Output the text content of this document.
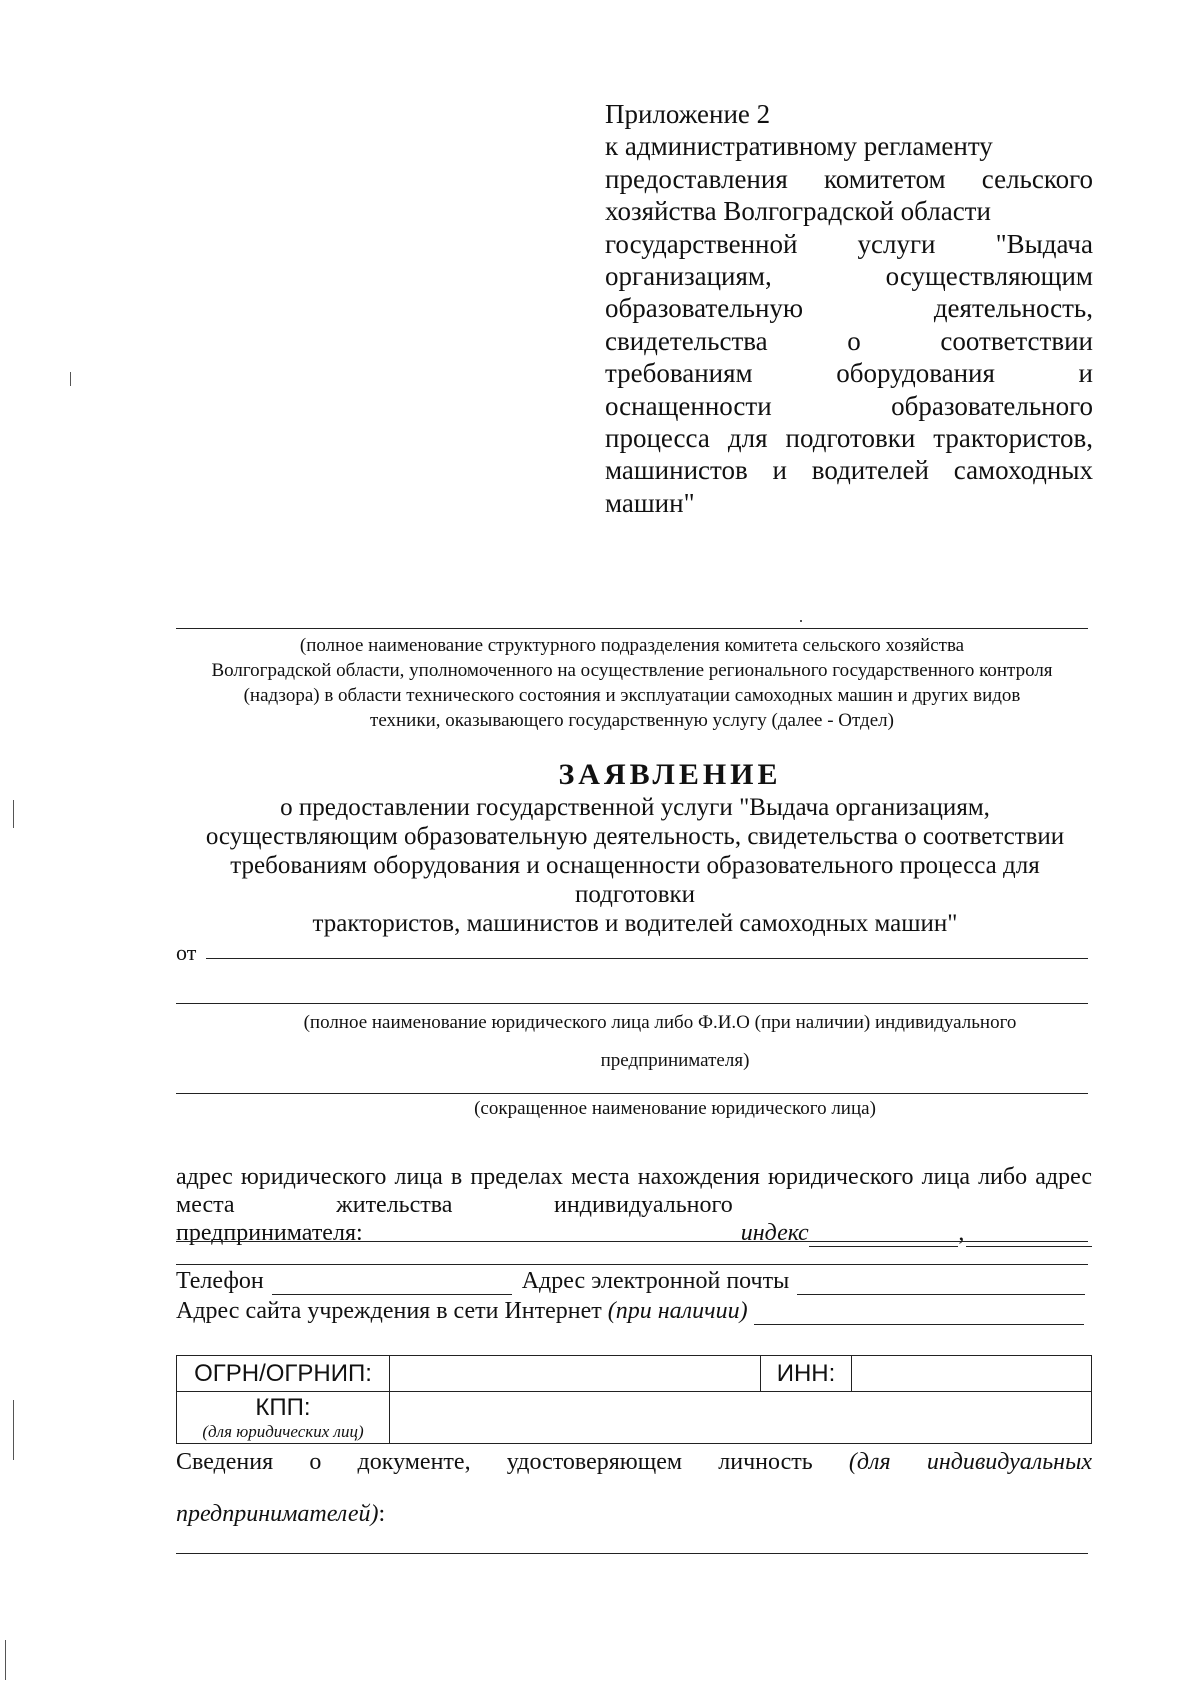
Приложение 2
к административному регламенту
предоставления комитетом сельского
хозяйства Волгоградской области
государственной услуги "Выдача
организациям, осуществляющим
образовательную деятельность,
свидетельства о соответствии
требованиям оборудования и
оснащенности образовательного
процесса для подготовки трактористов,
машинистов и водителей самоходных
машин"
(полное наименование структурного подразделения комитета сельского хозяйства
Волгоградской области, уполномоченного на осуществление регионального государственного контроля
(надзора) в области технического состояния и эксплуатации самоходных машин и других видов
техники, оказывающего государственную услугу (далее - Отдел)
ЗАЯВЛЕНИЕ
о предоставлении государственной услуги "Выдача организациям,
осуществляющим образовательную деятельность, свидетельства о соответствии
требованиям оборудования и оснащенности образовательного процесса для подготовки
трактористов, машинистов и водителей самоходных машин"
от
(полное наименование юридического лица либо Ф.И.О (при наличии) индивидуального
предпринимателя)
(сокращенное наименование юридического лица)
адрес юридического лица в пределах места нахождения юридического лица либо адрес
места жительства индивидуального предпринимателя:	индекс	,
Телефон	Адрес электронной почты
Адрес сайта учреждения в сети Интернет (при наличии)
ОГРН/ОГРНИП:		ИНН:	

КПП:
(для юридических лиц)			

Сведения о документе, удостоверяющем личность (для индивидуальных
предпринимателей):
